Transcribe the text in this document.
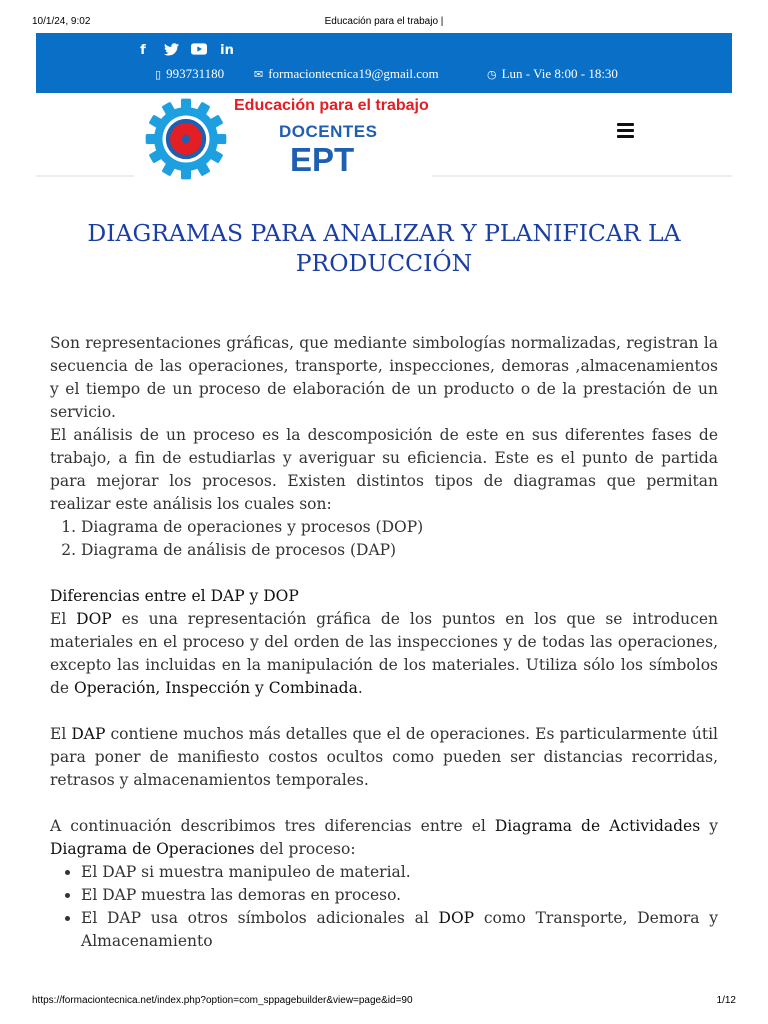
10/1/24, 9:02	Educación para el trabajo |
f	in
▯ 993731180	✉ formaciontecnica19@gmail.com	◷ Lun - Vie 8:00 - 18:30
Educación para el trabajo
DOCENTES
EPT
DIAGRAMAS PARA ANALIZAR Y PLANIFICAR LA PRODUCCIÓN

Son representaciones gráficas, que mediante simbologías normalizadas, registran la secuencia de las operaciones, transporte, inspecciones, demoras ,almacenamientos y el tiempo de un proceso de elaboración de un producto o de la prestación de un servicio.

El análisis de un proceso es la descomposición de este en sus diferentes fases de trabajo, a fin de estudiarlas y averiguar su eficiencia. Este es el punto de partida para mejorar los procesos. Existen distintos tipos de diagramas que permitan realizar este análisis los cuales son:

1. Diagrama de operaciones y procesos (DOP)
2. Diagrama de análisis de procesos (DAP)

Diferencias entre el DAP y DOP

El DOP es una representación gráfica de los puntos en los que se introducen materiales en el proceso y del orden de las inspecciones y de todas las operaciones, excepto las incluidas en la manipulación de los materiales. Utiliza sólo los símbolos de Operación, Inspección y Combinada.

El DAP contiene muchos más detalles que el de operaciones. Es particularmente útil para poner de manifiesto costos ocultos como pueden ser distancias recorridas, retrasos y almacenamientos temporales.

A continuación describimos tres diferencias entre el Diagrama de Actividades y Diagrama de Operaciones del proceso:

• El DAP si muestra manipuleo de material.
• El DAP muestra las demoras en proceso.
• El DAP usa otros símbolos adicionales al DOP como Transporte, Demora y Almacenamiento
https://formaciontecnica.net/index.php?option=com_sppagebuilder&view=page&id=90	1/12
